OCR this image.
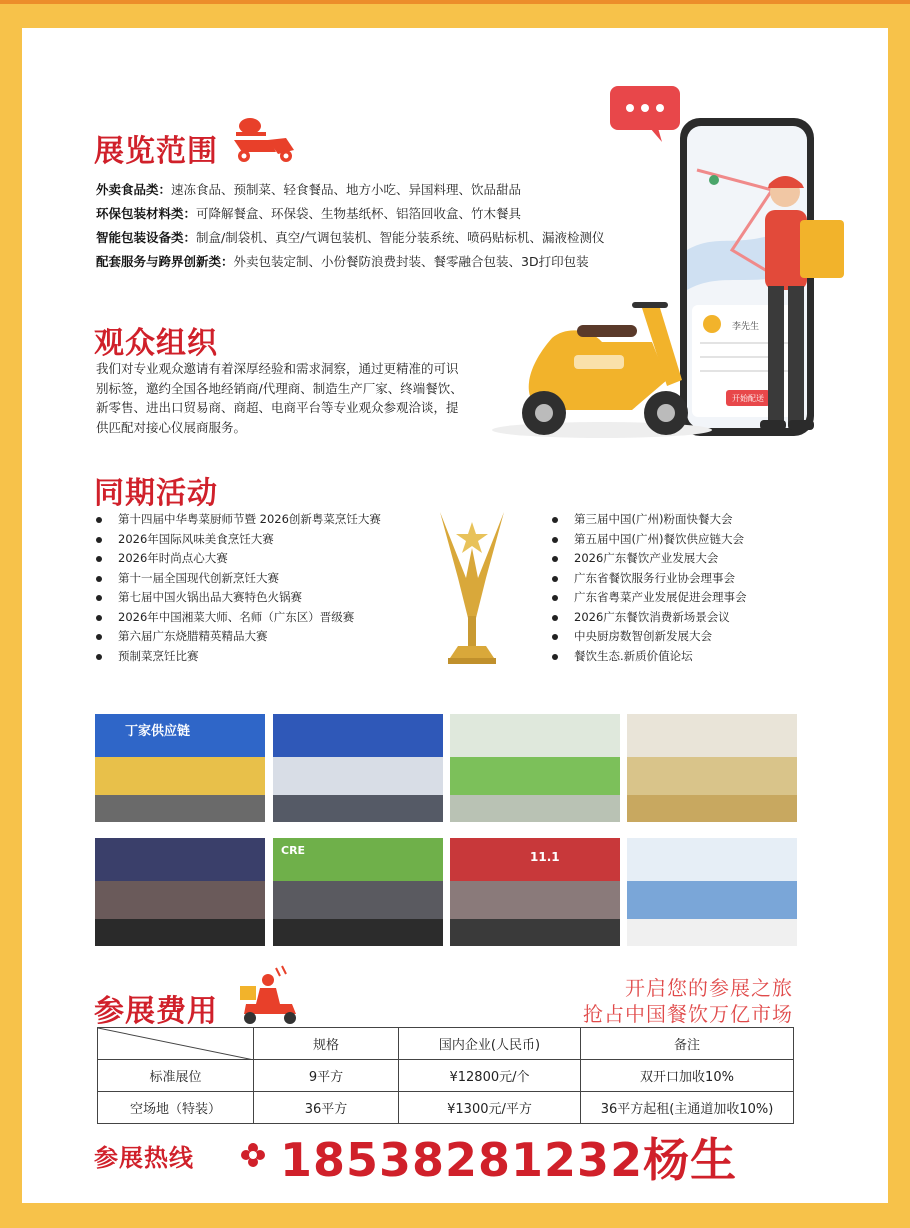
展览范围
外卖食品类：速冻食品、预制菜、轻食餐品、地方小吃、异国料理、饮品甜品
环保包装材料类：可降解餐盒、环保袋、生物基纸杯、铝箔回收盒、竹木餐具
智能包装设备类：制盒/制袋机、真空/气调包装机、智能分装系统、喷码贴标机、漏液检测仪
配套服务与跨界创新类：外卖包装定制、小份餐防浪费封装、餐零融合包装、3D打印包装
李先生
开始配送
观众组织
我们对专业观众邀请有着深厚经验和需求洞察，通过更精准的可识别标签，邀约全国各地经销商/代理商、制造生产厂家、终端餐饮、新零售、进出口贸易商、商超、电商平台等专业观众参观洽谈，提供匹配对接心仪展商服务。
同期活动
第十四届中华粤菜厨师节暨 2026创新粤菜烹饪大赛
2026年国际风味美食烹饪大赛
2026年时尚点心大赛
第十一届全国现代创新烹饪大赛
第七届中国火锅出品大赛特色火锅赛
2026年中国湘菜大师、名师（广东区）晋级赛
第六届广东烧腊精英精品大赛
预制菜烹饪比赛
第三届中国(广州)粉面快餐大会
第五届中国(广州)餐饮供应链大会
2026广东餐饮产业发展大会
广东省餐饮服务行业协会理事会
广东省粤菜产业发展促进会理事会
2026广东餐饮消费新场景会议
中央厨房数智创新发展大会
餐饮生态.新质价值论坛
丁家供应链
CRE	11.1
参展费用
开启您的参展之旅
抢占中国餐饮万亿市场
	规格	国内企业(人民币)	备注
标准展位	9平方	¥12800元/个	双开口加收10%
空场地（特装）	36平方	¥1300元/平方	36平方起租(主通道加收10%)
参展热线 18538281232杨生
